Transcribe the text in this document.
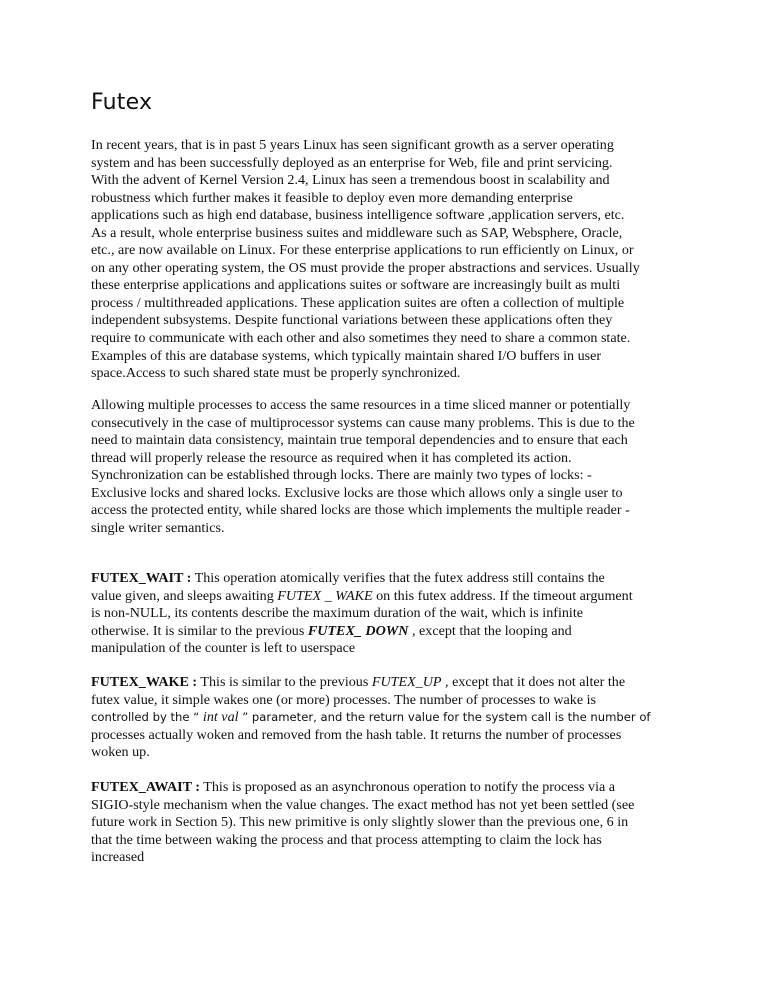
Futex

In recent years, that is in past 5 years Linux has seen significant growth as a server operating
system and has been successfully deployed as an enterprise for Web, file and print servicing.
With the advent of Kernel Version 2.4, Linux has seen a tremendous boost in scalability and
robustness which further makes it feasible to deploy even more demanding enterprise
applications such as high end database, business intelligence software ,application servers, etc.
As a result, whole enterprise business suites and middleware such as SAP, Websphere, Oracle,
etc., are now available on Linux. For these enterprise applications to run efficiently on Linux, or
on any other operating system, the OS must provide the proper abstractions and services. Usually
these enterprise applications and applications suites or software are increasingly built as multi
process / multithreaded applications. These application suites are often a collection of multiple
independent subsystems. Despite functional variations between these applications often they
require to communicate with each other and also sometimes they need to share a common state.
Examples of this are database systems, which typically maintain shared I/O buffers in user
space.Access to such shared state must be properly synchronized.

Allowing multiple processes to access the same resources in a time sliced manner or potentially
consecutively in the case of multiprocessor systems can cause many problems. This is due to the
need to maintain data consistency, maintain true temporal dependencies and to ensure that each
thread will properly release the resource as required when it has completed its action.
Synchronization can be established through locks. There are mainly two types of locks: -
Exclusive locks and shared locks. Exclusive locks are those which allows only a single user to
access the protected entity, while shared locks are those which implements the multiple reader -
single writer semantics.

FUTEX_WAIT : This operation atomically verifies that the futex address still contains the
value given, and sleeps awaiting FUTEX _ WAKE on this futex address. If the timeout argument
is non-NULL, its contents describe the maximum duration of the wait, which is infinite
otherwise. It is similar to the previous FUTEX_ DOWN , except that the looping and
manipulation of the counter is left to userspace

FUTEX_WAKE : This is similar to the previous FUTEX_UP , except that it does not alter the
futex value, it simple wakes one (or more) processes. The number of processes to wake is
controlled by the “ int val ” parameter, and the return value for the system call is the number of
processes actually woken and removed from the hash table. It returns the number of processes
woken up.

FUTEX_AWAIT : This is proposed as an asynchronous operation to notify the process via a
SIGIO-style mechanism when the value changes. The exact method has not yet been settled (see
future work in Section 5). This new primitive is only slightly slower than the previous one, 6 in
that the time between waking the process and that process attempting to claim the lock has
increased
